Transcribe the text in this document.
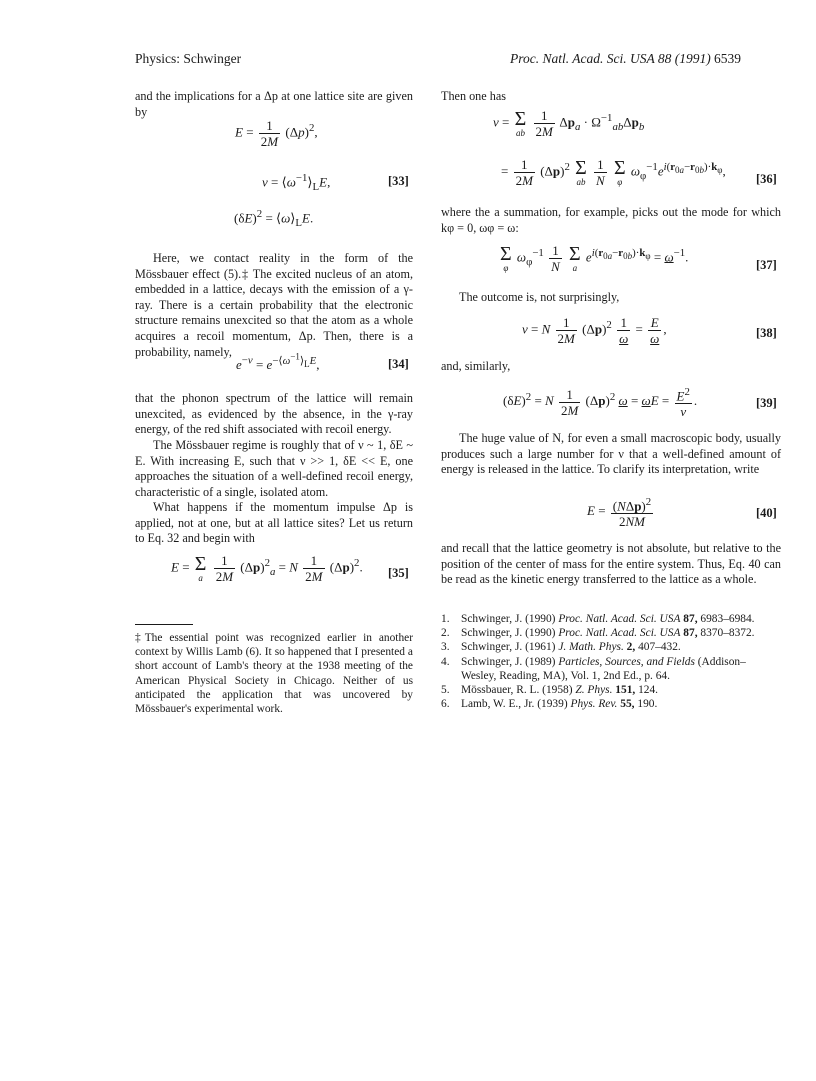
Physics: Schwinger	Proc. Natl. Acad. Sci. USA 88 (1991) 6539

and the implications for a Δp at one lattice site are given by

$E = \frac{1}{2M} (\Delta p)^2$,
$\nu = ⟨\omega^{-1}⟩_LE$,	[33]
$(\delta E)^2$ = $⟨\omega⟩_LE$.

Here, we contact reality in the form of the Mössbauer effect (5).‡ The excited nucleus of an atom, embedded in a lattice, decays with the emission of a γ-ray. There is a certain probability that the electronic structure remains unexcited so that the atom as a whole acquires a recoil momentum, Δp. Then, there is a probability, namely,

$e^{-\nu} = e^{-⟨\omega^{-1}⟩_LE}$,	[34]

that the phonon spectrum of the lattice will remain unexcited, as evidenced by the absence, in the γ-ray energy, of the red shift associated with recoil energy.

The Mössbauer regime is roughly that of ν ~ 1, δE ~ E. With increasing E, such that ν >> 1, δE << E, one approaches the situation of a well-defined recoil energy, characteristic of a single, isolated atom.

What happens if the momentum impulse Δp is applied, not at one, but at all lattice sites? Let us return to Eq. 32 and begin with

E = Σ
a
$\frac{1}{2M} (\Delta p)^2_a = N \frac{1}{2M} (\Delta p)^2$. [35]

‡The essential point was recognized earlier in another context by Willis Lamb (6). It so happened that I presented a short account of Lamb's theory at the 1938 meeting of the American Physical Society in Chicago. Neither of us anticipated the application that was uncovered by Mössbauer's experimental work.

Then one has

ν = Σ
ab
$\frac{1}{2M} \Delta p_a \cdot \Omega^{-1}_{ab}\Delta p_b$
= $\frac{1}{2M} (\Delta p)^2$ Σ
ab
$\frac{1}{N}$
Σ
φ
$\omega_\varphi^{-1}e^{i(r_{0a}-r_{0b})\cdot k_\varphi}$,
[36]

where the a summation, for example, picks out the mode for which kφ = 0, ωφ = ω:

Σ
φ
$\omega_\varphi^{-1} \frac{1}{N}$
Σ
a
$e^{i(r_{0a}-r_{0b})\cdot k_\varphi} = \omega^{-1}$.
[37]

The outcome is, not surprisingly,

ν = N $\frac{1}{2M} (\Delta p)^2 \frac{1}{\omega} = \frac{E}{\omega}$ ,	[38]

and, similarly,

$(\delta E)^2 = N \frac{1}{2M} (\Delta p)^2$ $\omega = \omega E = \frac{E^2}{\nu}$ .	[39]

The huge value of N, for even a small macroscopic body, usually produces such a large number for ν that a well-defined amount of energy is released in the lattice. To clarify its interpretation, write

$E = \frac{(N\Delta p)^2}{2NM}$	[40]

and recall that the lattice geometry is not absolute, but relative to the position of the center of mass for the entire system. Thus, Eq. 40 can be read as the kinetic energy transferred to the lattice as a whole.

1. Schwinger, J. (1990) Proc. Natl. Acad. Sci. USA 87, 6983–6984.
2. Schwinger, J. (1990) Proc. Natl. Acad. Sci. USA 87, 8370–8372.
3. Schwinger, J. (1961) J. Math. Phys. 2, 407–432.
4. Schwinger, J. (1989) Particles, Sources, and Fields (Addison–
Wesley, Reading, MA), Vol. 1, 2nd Ed., p. 64.
5. Mössbauer, R. L. (1958) Z. Phys. 151, 124.
6. Lamb, W. E., Jr. (1939) Phys. Rev. 55, 190.
